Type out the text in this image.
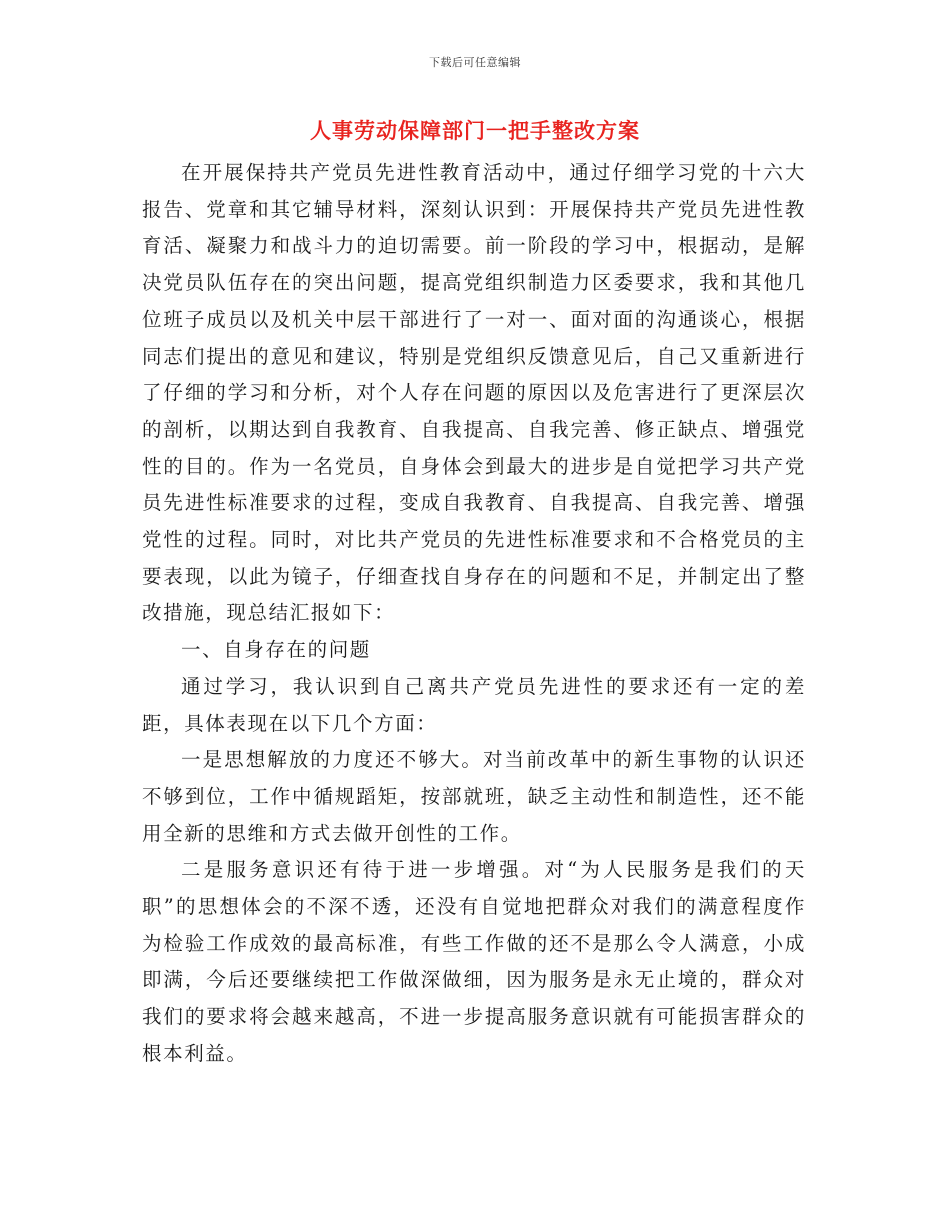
下载后可任意编辑
人事劳动保障部门一把手整改方案

在开展保持共产党员先进性教育活动中，通过仔细学习党的十六大报告、党章和其它辅导材料，深刻认识到：开展保持共产党员先进性教育活、凝聚力和战斗力的迫切需要。前一阶段的学习中，根据动，是解决党员队伍存在的突出问题，提高党组织制造力区委要求，我和其他几位班子成员以及机关中层干部进行了一对一、面对面的沟通谈心，根据同志们提出的意见和建议，特别是党组织反馈意见后，自己又重新进行了仔细的学习和分析，对个人存在问题的原因以及危害进行了更深层次的剖析，以期达到自我教育、自我提高、自我完善、修正缺点、增强党性的目的。作为一名党员，自身体会到最大的进步是自觉把学习共产党员先进性标准要求的过程，变成自我教育、自我提高、自我完善、增强党性的过程。同时，对比共产党员的先进性标准要求和不合格党员的主要表现，以此为镜子，仔细查找自身存在的问题和不足，并制定出了整改措施，现总结汇报如下：

一、自身存在的问题

通过学习，我认识到自己离共产党员先进性的要求还有一定的差距，具体表现在以下几个方面：

一是思想解放的力度还不够大。对当前改革中的新生事物的认识还不够到位，工作中循规蹈矩，按部就班，缺乏主动性和制造性，还不能用全新的思维和方式去做开创性的工作。

二是服务意识还有待于进一步增强。对“为人民服务是我们的天职”的思想体会的不深不透，还没有自觉地把群众对我们的满意程度作为检验工作成效的最高标准，有些工作做的还不是那么令人满意，小成即满，今后还要继续把工作做深做细，因为服务是永无止境的，群众对我们的要求将会越来越高，不进一步提高服务意识就有可能损害群众的根本利益。
